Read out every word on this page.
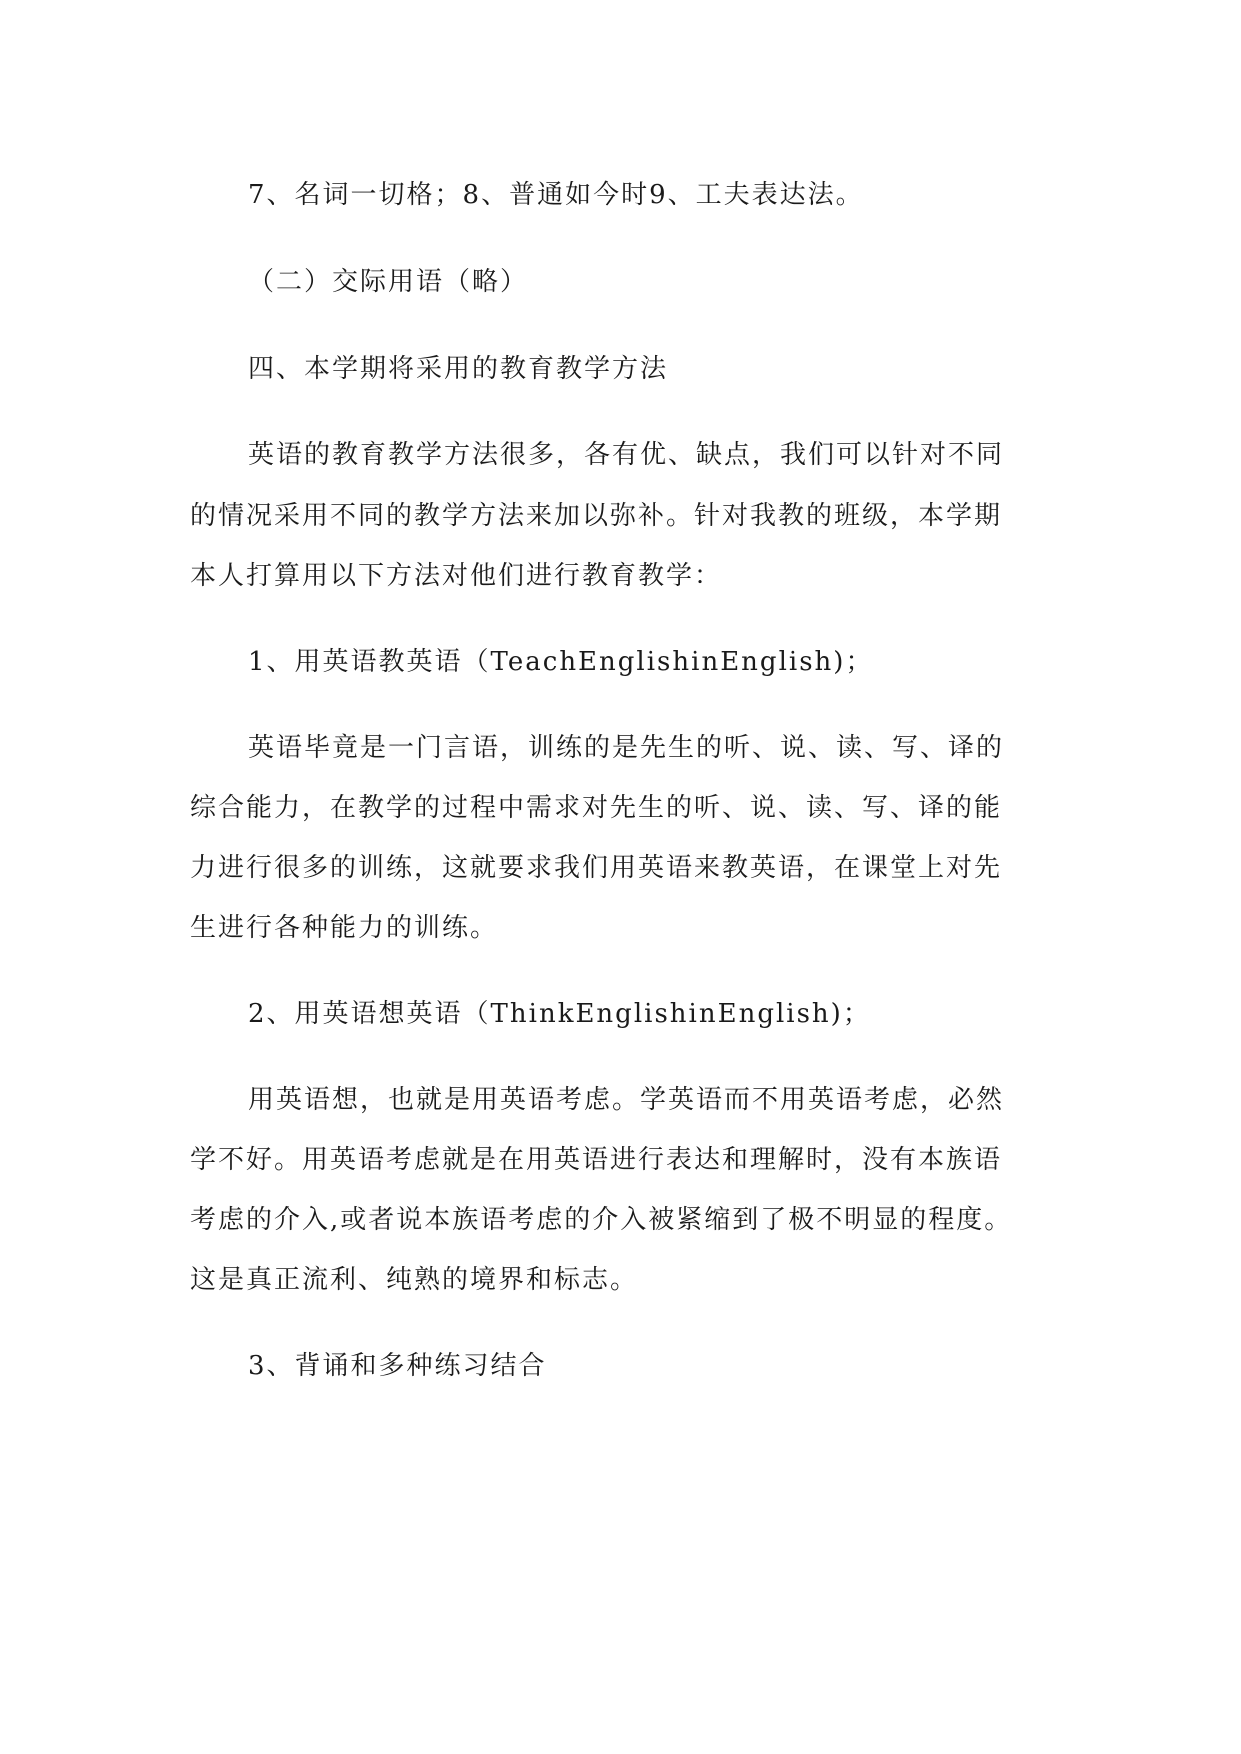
7、名词一切格；8、普通如今时9、工夫表达法。
（二）交际用语（略）
四、本学期将采用的教育教学方法
英语的教育教学方法很多，各有优、缺点，我们可以针对不同
的情况采用不同的教学方法来加以弥补。针对我教的班级，本学期
本人打算用以下方法对他们进行教育教学：
1、用英语教英语（TeachEnglishinEnglish)；
英语毕竟是一门言语，训练的是先生的听、说、读、写、译的
综合能力，在教学的过程中需求对先生的听、说、读、写、译的能
力进行很多的训练，这就要求我们用英语来教英语，在课堂上对先
生进行各种能力的训练。
2、用英语想英语（ThinkEnglishinEnglish)；
用英语想，也就是用英语考虑。学英语而不用英语考虑，必然
学不好。用英语考虑就是在用英语进行表达和理解时，没有本族语
考虑的介入,或者说本族语考虑的介入被紧缩到了极不明显的程度。
这是真正流利、纯熟的境界和标志。
3、背诵和多种练习结合
